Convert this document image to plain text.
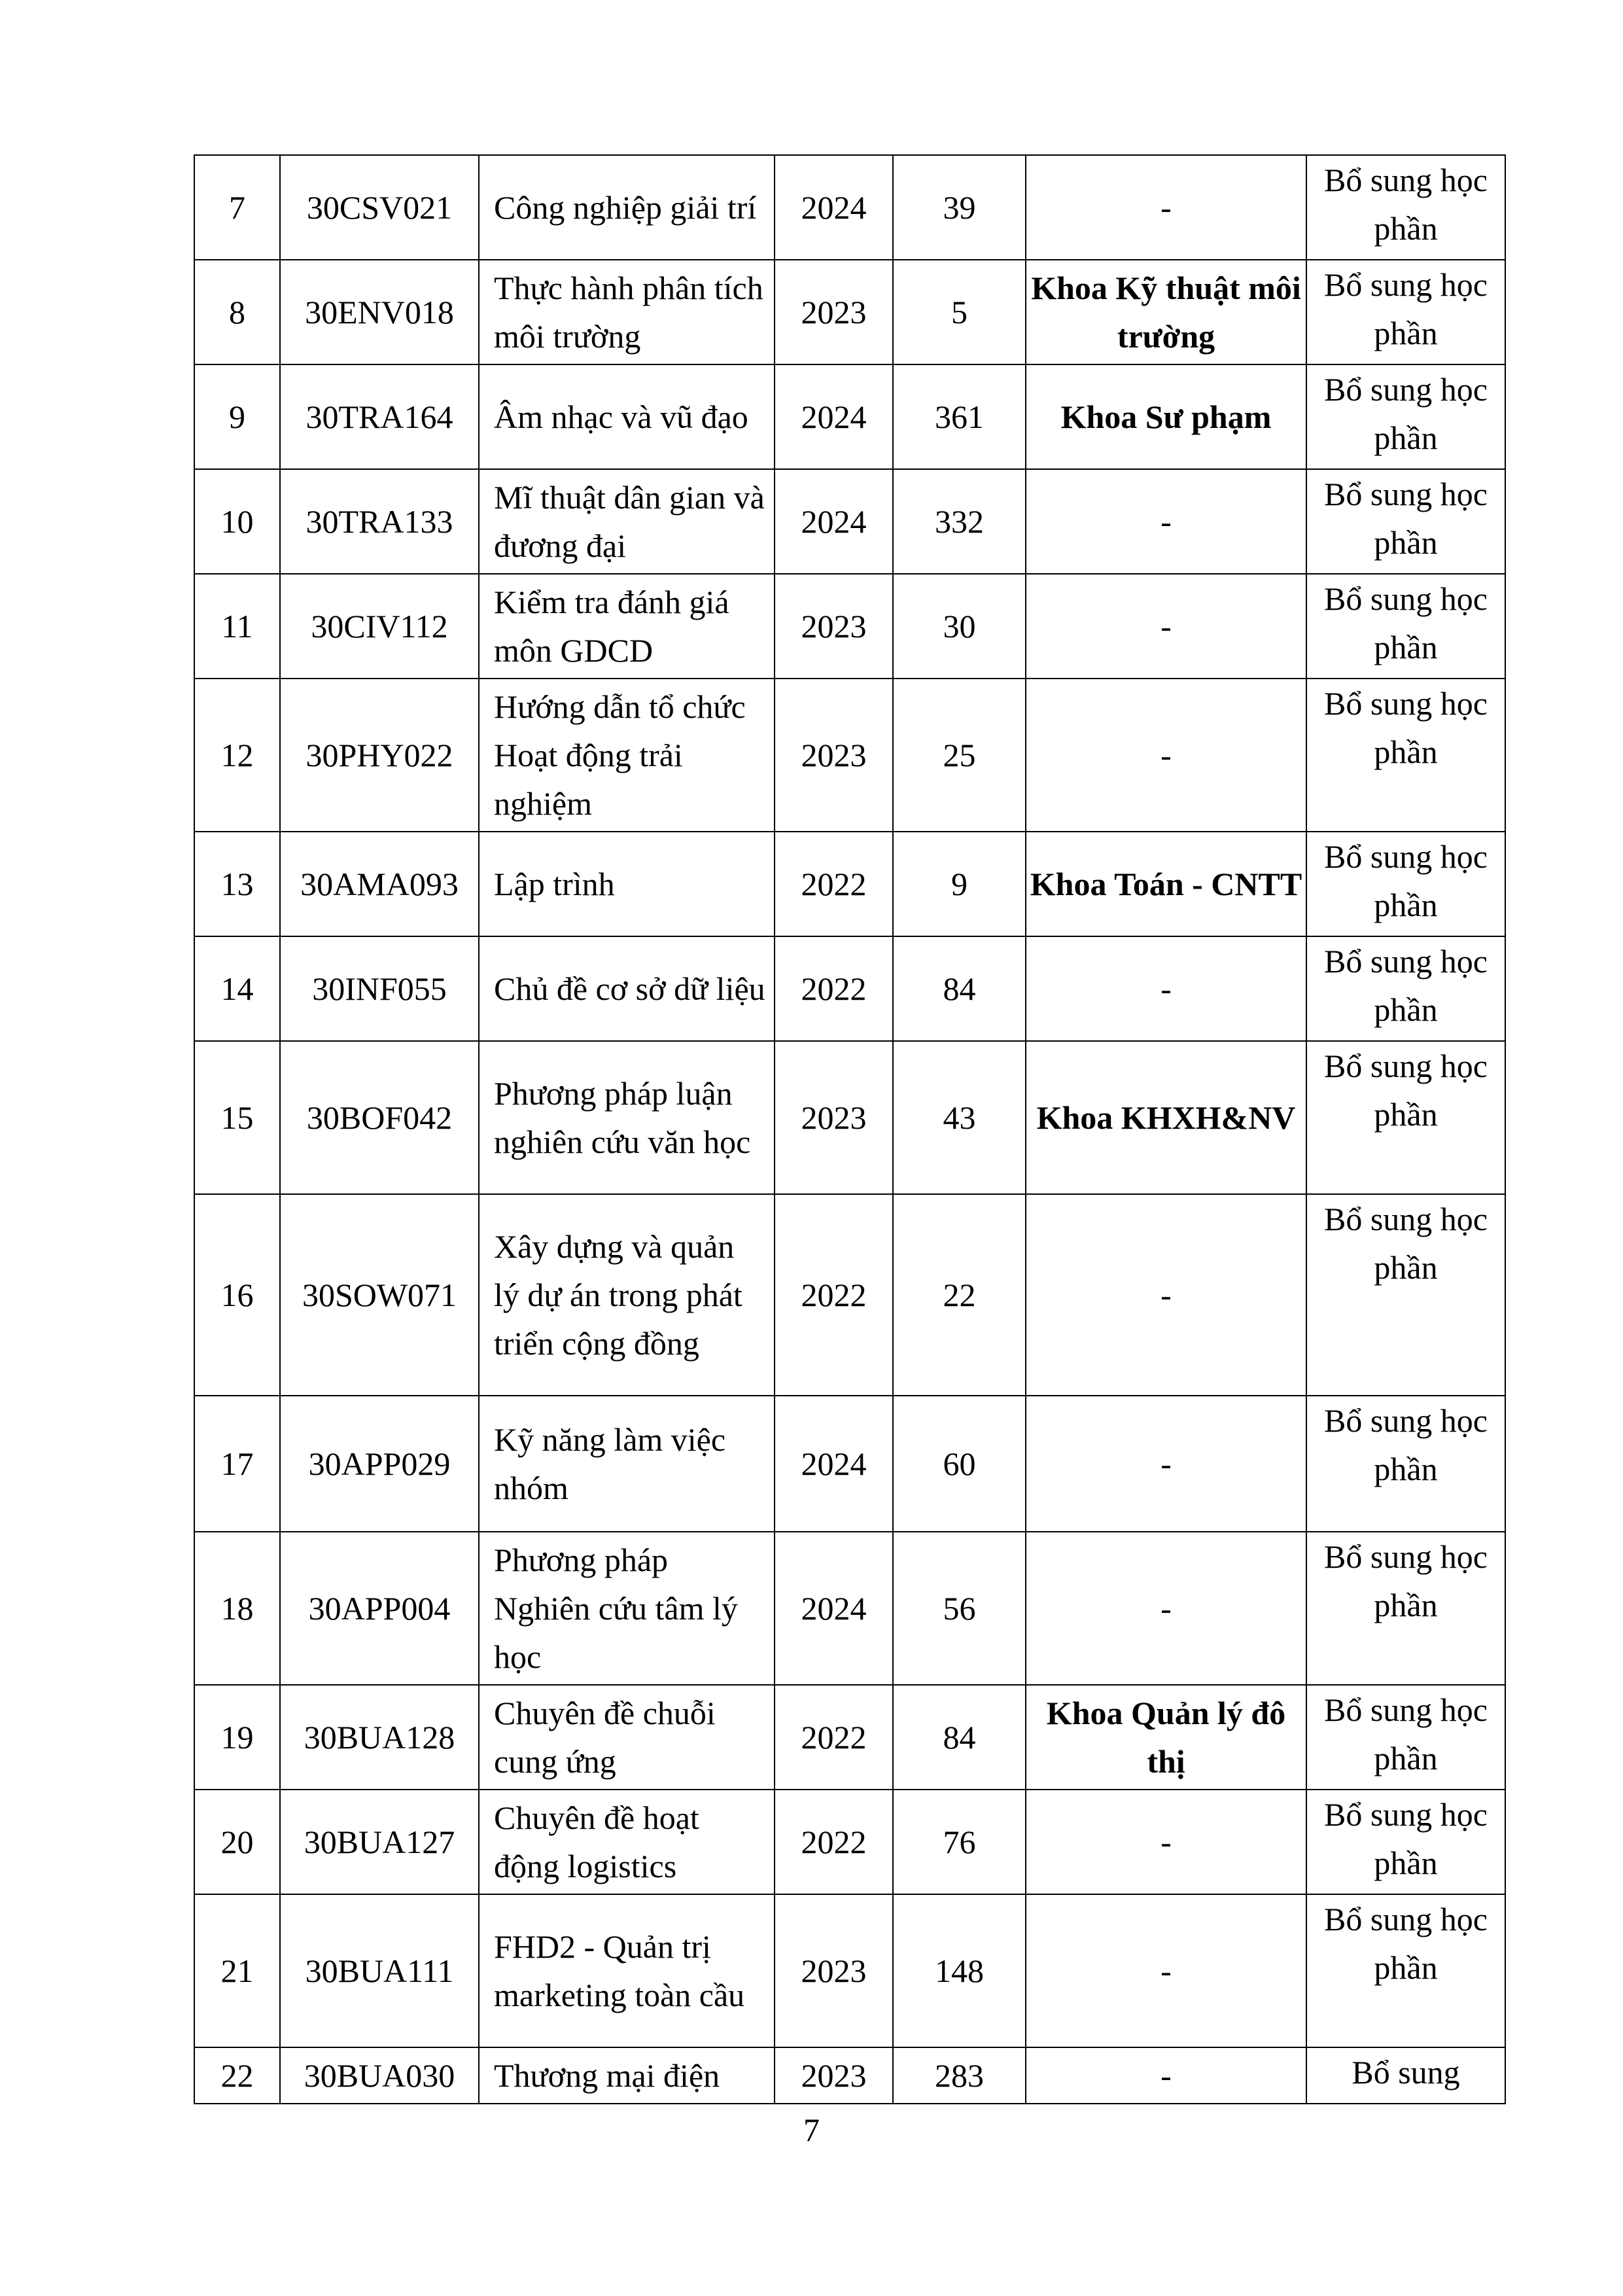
7	30CSV021	Công nghiệp giải trí	2024	39	-	Bổ sung học phần
8	30ENV018	Thực hành phân tích môi trường	2023	5	Khoa Kỹ thuật môi trường	Bổ sung học phần
9	30TRA164	Âm nhạc và vũ đạo	2024	361	Khoa Sư phạm	Bổ sung học phần
10	30TRA133	Mĩ thuật dân gian và đương đại	2024	332	-	Bổ sung học phần
11	30CIV112	Kiểm tra đánh giá môn GDCD	2023	30	-	Bổ sung học phần
12	30PHY022	Hướng dẫn tổ chức Hoạt động trải nghiệm	2023	25	-	Bổ sung học phần
13	30AMA093	Lập trình	2022	9	Khoa Toán - CNTT	Bổ sung học phần
14	30INF055	Chủ đề cơ sở dữ liệu	2022	84	-	Bổ sung học phần
15	30BOF042	Phương pháp luận nghiên cứu văn học	2023	43	Khoa KHXH&NV	Bổ sung học phần
16	30SOW071	Xây dựng và quản lý dự án trong phát triển cộng đồng	2022	22	-	Bổ sung học phần
17	30APP029	Kỹ năng làm việc nhóm	2024	60	-	Bổ sung học phần
18	30APP004	Phương pháp Nghiên cứu tâm lý học	2024	56	-	Bổ sung học phần
19	30BUA128	Chuyên đề chuỗi cung ứng	2022	84	Khoa Quản lý đô thị	Bổ sung học phần
20	30BUA127	Chuyên đề hoạt động logistics	2022	76	-	Bổ sung học phần
21	30BUA111	FHD2 - Quản trị marketing toàn cầu	2023	148	-	Bổ sung học phần
22	30BUA030	Thương mại điện	2023	283	-	Bổ sung
7
